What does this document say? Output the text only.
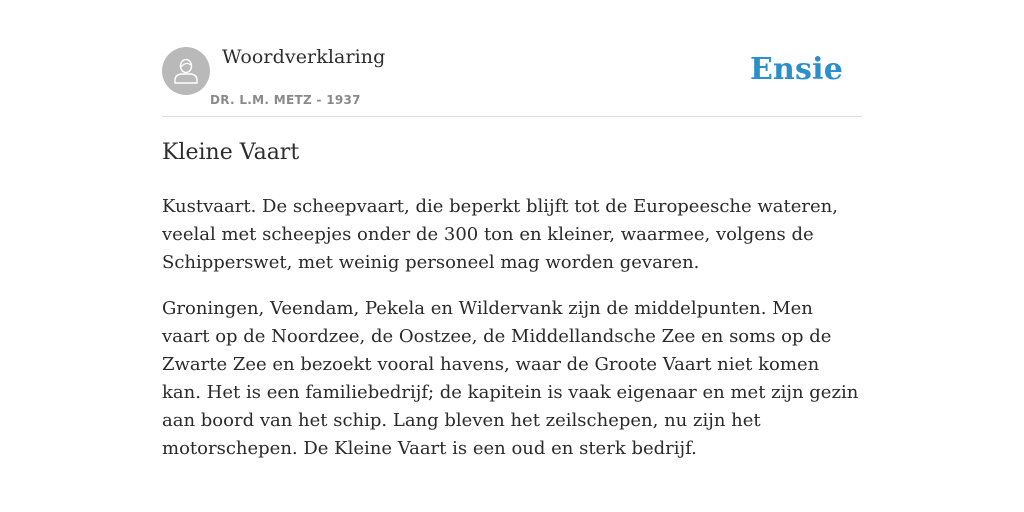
Woordverklaring
DR. L.M. METZ - 1937
Ensie
Kleine Vaart

Kustvaart. De scheepvaart, die beperkt blijft tot de Europeesche wateren, veelal met scheepjes onder de 300 ton en kleiner, waarmee, volgens de Schipperswet, met weinig personeel mag worden gevaren.

Groningen, Veendam, Pekela en Wildervank zijn de middelpunten. Men vaart op de Noordzee, de Oostzee, de Middellandsche Zee en soms op de Zwarte Zee en bezoekt vooral havens, waar de Groote Vaart niet komen kan. Het is een familiebedrijf; de kapitein is vaak eigenaar en met zijn gezin aan boord van het schip. Lang bleven het zeilschepen, nu zijn het motorschepen. De Kleine Vaart is een oud en sterk bedrijf.
